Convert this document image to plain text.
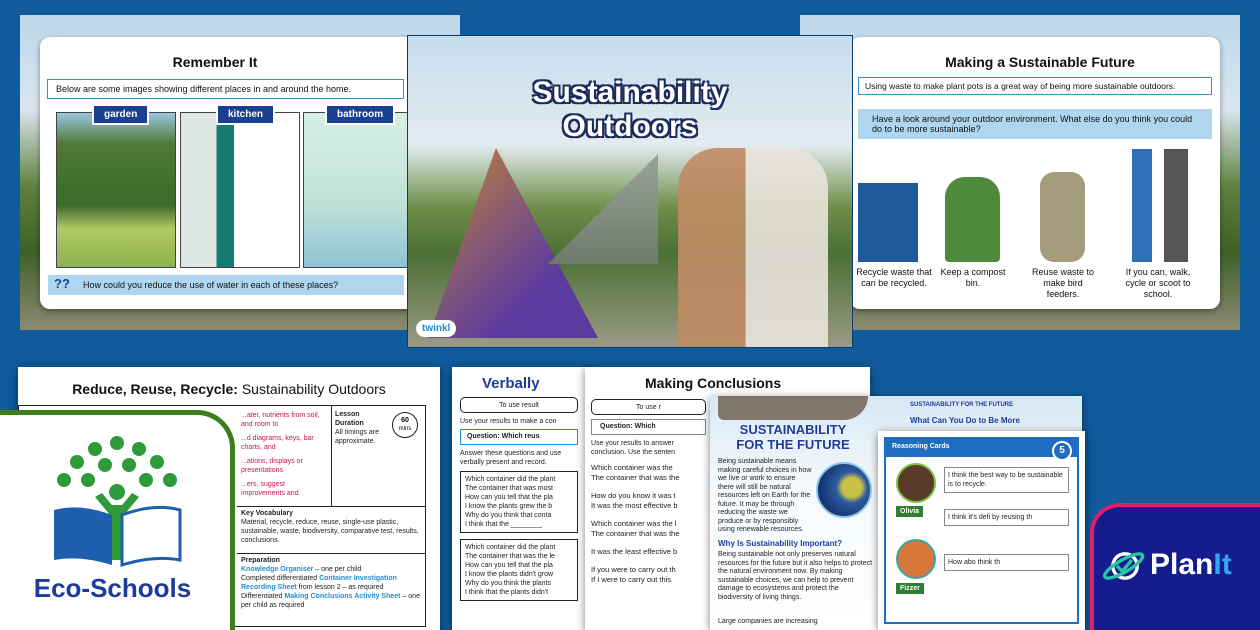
Remember It
Below are some images showing different places in and around the home.
garden	kitchen	bathroom
?? How could you reduce the use of water in each of these places?
Making a Sustainable Future
Using waste to make plant pots is a great way of being more sustainable outdoors.
Have a look around your outdoor environment. What else do you think you could do to be more sustainable?
Recycle waste that can be recycled.
Keep a compost bin.
Reuse waste to make bird feeders.
If you can, walk, cycle or scoot to school.
Sustainability
Outdoors
twinkl
Reduce, Reuse, Recycle: Sustainability Outdoors
...ater, nutrients from soil, and room to
...d diagrams, keys, bar charts, and
...ations, displays or presentations
...ers, suggest improvements and
Lesson Duration
All timings are approximate.
60
mins
Key Vocabulary
Material, recycle, reduce, reuse, single-use plastic, sustainable, waste, biodiversity, comparative test, results, conclusions.
Preparation
Knowledge Organiser – one per child
Completed differentiated Container Investigation Recording Sheet from lesson 2 – as required
Differentiated Making Conclusions Activity Sheet – one per child as required
Eco-Schools
Verbally
To use result
Use your results to make a con
Question: Which reus
Answer these questions and use verbally present and record.
Which container did the plant
The container that was most
How can you tell that the pla
I know the plants grew the b
Why do you think that conta
I think that the ________
Which container did the plant
The container that was the le
How can you tell that the pla
I know the plants didn't grow
Why do you think the plants
I think that the plants didn't
Making Conclusions
To use r
Question: Which
Use your results to answer conclusion. Use the senten
Which container was the
The container that was the
How do you know it was t
It was the most effective b
Which container was the l
The container that was the
It was the least effective b
If you were to carry out th
If I were to carry out this
SUSTAINABILITY
FOR THE FUTURE
SUSTAINABILITY FOR THE FUTURE
What Can You Do to Be More
Being sustainable means making careful choices in how we live or work to ensure there will still be natural resources left on Earth for the future. It may be through reducing the waste we produce or by responsibly using renewable resources.
Why Is Sustainability Important?
Being sustainable not only preserves natural resources for the future but it also helps to protect the natural environment now. By making sustainable choices, we can help to prevent damage to ecosystems and protect the biodiversity of living things.
Large companies are increasing
Reasoning Cards	5
Olivia
I think the best way to be sustainable is to recycle.
I think it's defi by reusing th
Fizzer
How abo think th	PlanIt
